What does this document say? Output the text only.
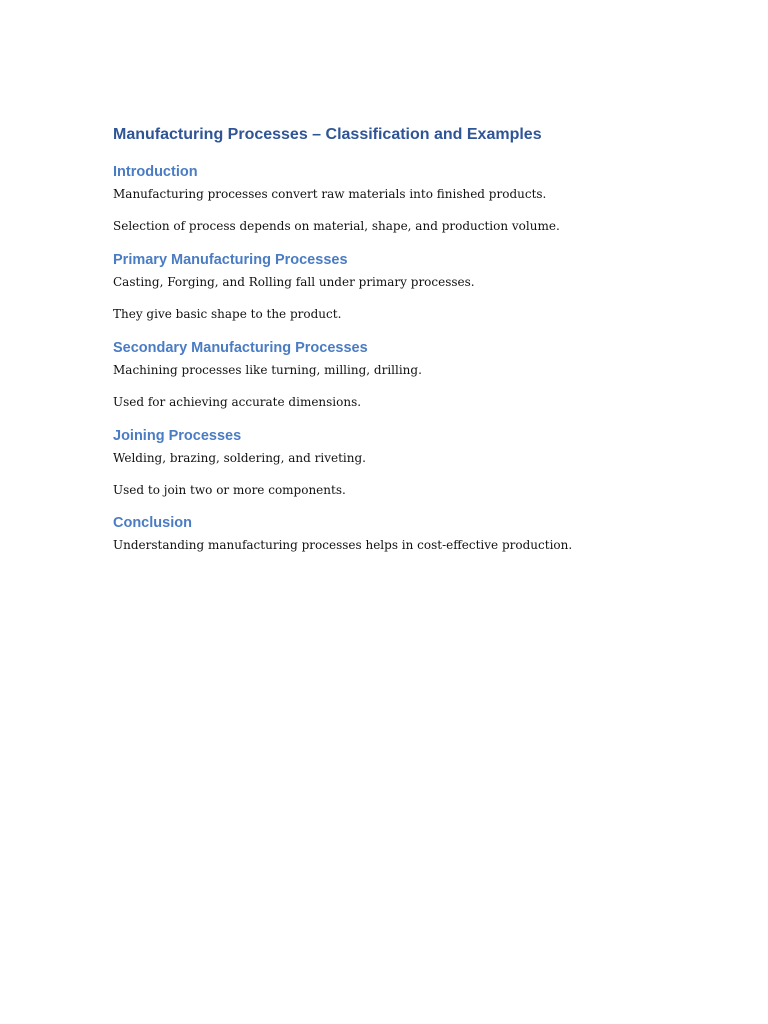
Manufacturing Processes – Classification and Examples
Introduction

Manufacturing processes convert raw materials into finished products.

Selection of process depends on material, shape, and production volume.

Primary Manufacturing Processes

Casting, Forging, and Rolling fall under primary processes.

They give basic shape to the product.

Secondary Manufacturing Processes

Machining processes like turning, milling, drilling.

Used for achieving accurate dimensions.

Joining Processes

Welding, brazing, soldering, and riveting.

Used to join two or more components.

Conclusion

Understanding manufacturing processes helps in cost-effective production.
